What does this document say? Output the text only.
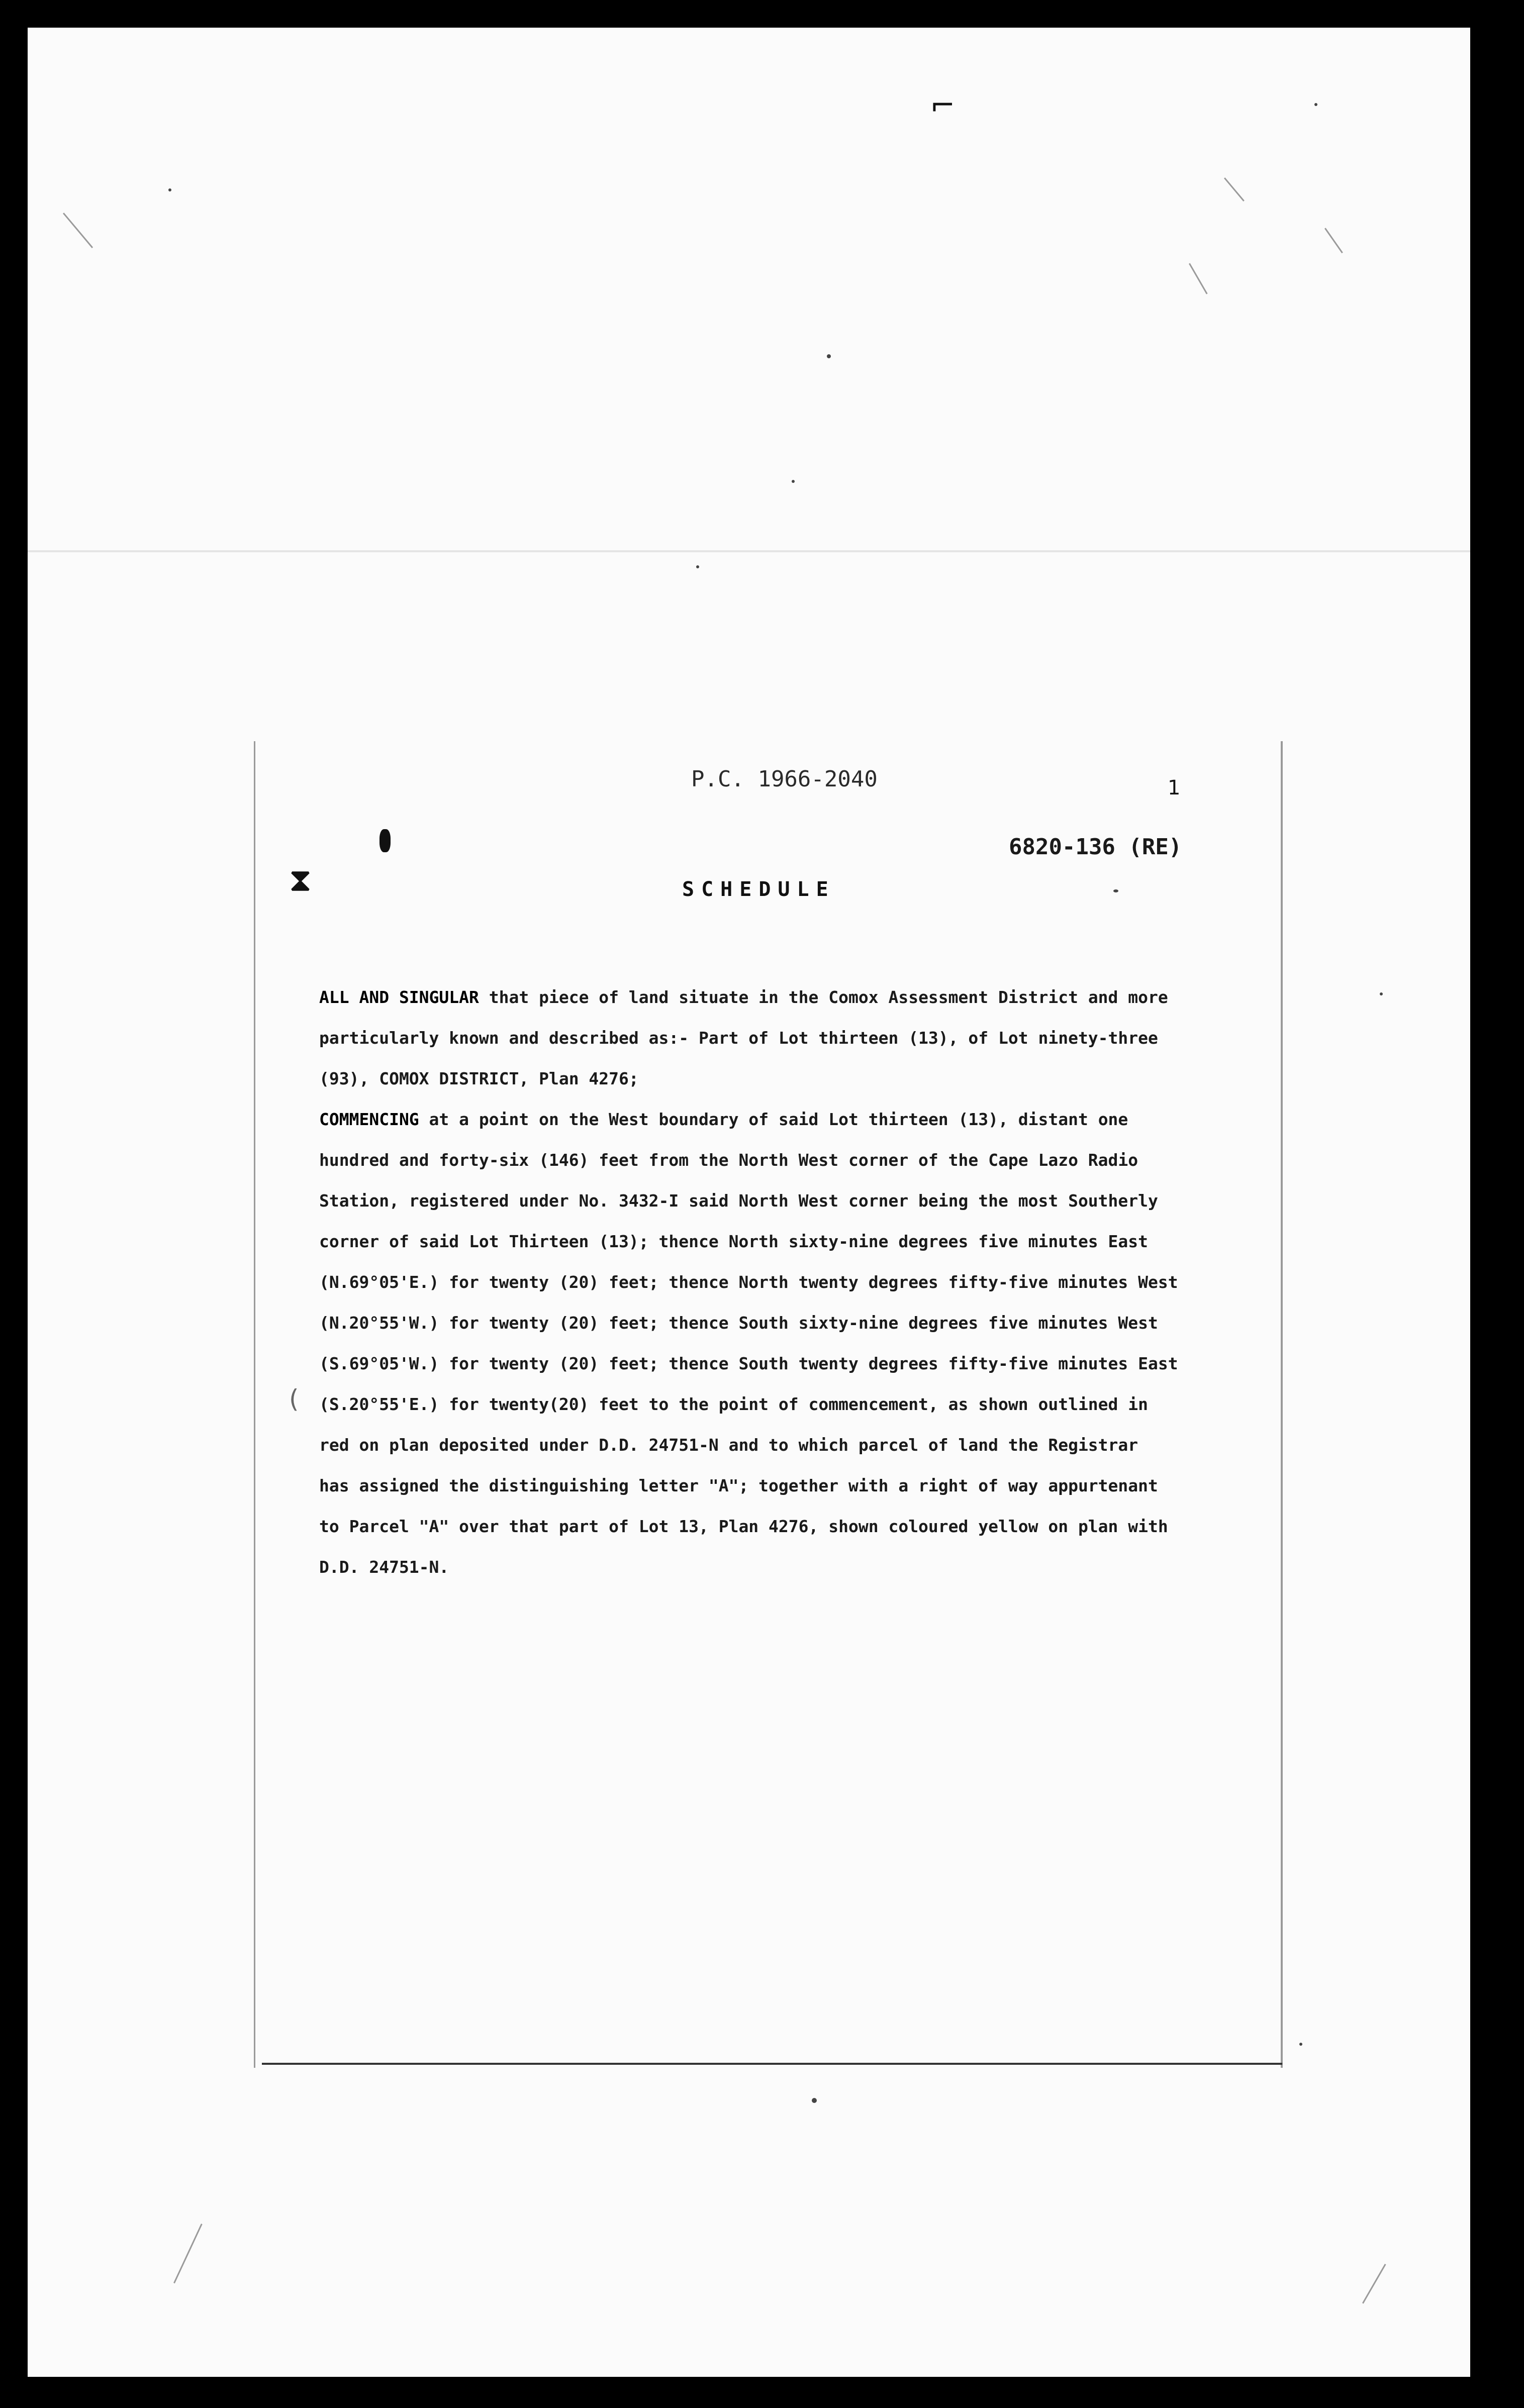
⌐
⧗
(
1
P.C. 1966-2040
6820-136 (RE)
SCHEDULE
ALL AND SINGULAR that piece of land situate in the Comox Assessment District and more
particularly known and described as:- Part of Lot thirteen (13), of Lot ninety-three
(93), COMOX DISTRICT, Plan 4276;
COMMENCING at a point on the West boundary of said Lot thirteen (13), distant one
hundred and forty-six (146) feet from the North West corner of the Cape Lazo Radio
Station, registered under No. 3432-I said North West corner being the most Southerly
corner of said Lot Thirteen (13); thence North sixty-nine degrees five minutes East
(N.69°05'E.) for twenty (20) feet; thence North twenty degrees fifty-five minutes West
(N.20°55'W.) for twenty (20) feet; thence South sixty-nine degrees five minutes West
(S.69°05'W.) for twenty (20) feet; thence South twenty degrees fifty-five minutes East
(S.20°55'E.) for twenty(20) feet to the point of commencement, as shown outlined in
red on plan deposited under D.D. 24751-N and to which parcel of land the Registrar
has assigned the distinguishing letter "A"; together with a right of way appurtenant
to Parcel "A" over that part of Lot 13, Plan 4276, shown coloured yellow on plan with
D.D. 24751-N.
